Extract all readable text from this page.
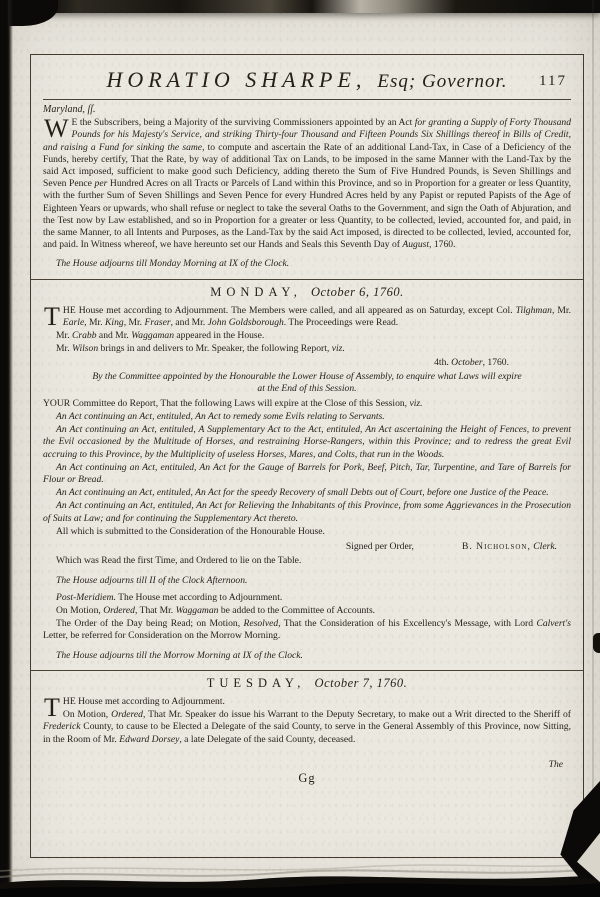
HORATIO SHARPE, Esq; Governor. 117

Maryland, ſſ.

W E the Subscribers, being a Majority of the surviving Commissioners appointed by an Act for granting a Supply of Forty Thousand Pounds for his Majesty's Service, and striking Thirty-four Thousand and Fifteen Pounds Six Shillings thereof in Bills of Credit, and raising a Fund for sinking the same, to compute and ascertain the Rate of an additional Land-Tax, in Case of a Deficiency of the Funds, hereby certify, That the Rate, by way of additional Tax on Lands, to be imposed in the same Manner with the Land-Tax by the said Act imposed, sufficient to make good such Deficiency, adding thereto the Sum of Five Hundred Pounds, is Seven Shillings and Seven Pence per Hundred Acres on all Tracts or Parcels of Land within this Province, and so in Proportion for a greater or less Quantity, with the further Sum of Seven Shillings and Seven Pence for every Hundred Acres held by any Papist or reputed Papists of the Age of Eighteen Years or upwards, who shall refuse or neglect to take the several Oaths to the Government, and sign the Oath of Abjuration, and the Test now by Law established, and so in Proportion for a greater or less Quantity, to be collected, levied, accounted for, and paid, in the same Manner, to all Intents and Purposes, as the Land-Tax by the said Act imposed, is directed to be collected, levied, accounted for, and paid. In Witness whereof, we have hereunto set our Hands and Seals this Seventh Day of August, 1760.

The House adjourns till Monday Morning at IX of the Clock.

MONDAY, October 6, 1760.

THE House met according to Adjournment. The Members were called, and all appeared as on Saturday, except Col. Tilghman, Mr. Earle, Mr. King, Mr. Fraser, and Mr. John Goldsborough. The Proceedings were Read.

Mr. Crabb and Mr. Waggaman appeared in the House.

Mr. Wilson brings in and delivers to Mr. Speaker, the following Report, viz.

4th. October, 1760.

By the Committee appointed by the Honourable the Lower House of Assembly, to enquire what Laws will expire at the End of this Session.

YOUR Committee do Report, That the following Laws will expire at the Close of this Session, viz.

An Act continuing an Act, entituled, An Act to remedy some Evils relating to Servants.

An Act continuing an Act, entituled, A Supplementary Act to the Act, entituled, An Act ascertaining the Height of Fences, to prevent the Evil occasioned by the Multitude of Horses, and restraining Horse-Rangers, within this Province; and to redress the great Evil accruing to this Province, by the Multiplicity of useless Horses, Mares, and Colts, that run in the Woods.

An Act continuing an Act, entituled, An Act for the Gauge of Barrels for Pork, Beef, Pitch, Tar, Turpentine, and Tare of Barrels for Flour or Bread.

An Act continuing an Act, entituled, An Act for the speedy Recovery of small Debts out of Court, before one Justice of the Peace.

An Act continuing an Act, entituled, An Act for Relieving the Inhabitants of this Province, from some Aggrievances in the Prosecution of Suits at Law; and for continuing the Supplementary Act thereto.

All which is submitted to the Consideration of the Honourable House.

Signed per Order,	B. Nicholson, Clerk.

Which was Read the first Time, and Ordered to lie on the Table.

The House adjourns till II of the Clock Afternoon.

Post-Meridiem. The House met according to Adjournment.

On Motion, Ordered, That Mr. Waggaman be added to the Committee of Accounts.

The Order of the Day being Read; on Motion, Resolved, That the Consideration of his Excellency's Message, with Lord Calvert's Letter, be referred for Consideration on the Morrow Morning.

The House adjourns till the Morrow Morning at IX of the Clock.

TUESDAY, October 7, 1760.

THE House met according to Adjournment.

On Motion, Ordered, That Mr. Speaker do issue his Warrant to the Deputy Secretary, to make out a Writ directed to the Sheriff of Frederick County, to cause to be Elected a Delegate of the said County, to serve in the General Assembly of this Province, now Sitting, in the Room of Mr. Edward Dorsey, a late Delegate of the said County, deceased.

The

Gg
